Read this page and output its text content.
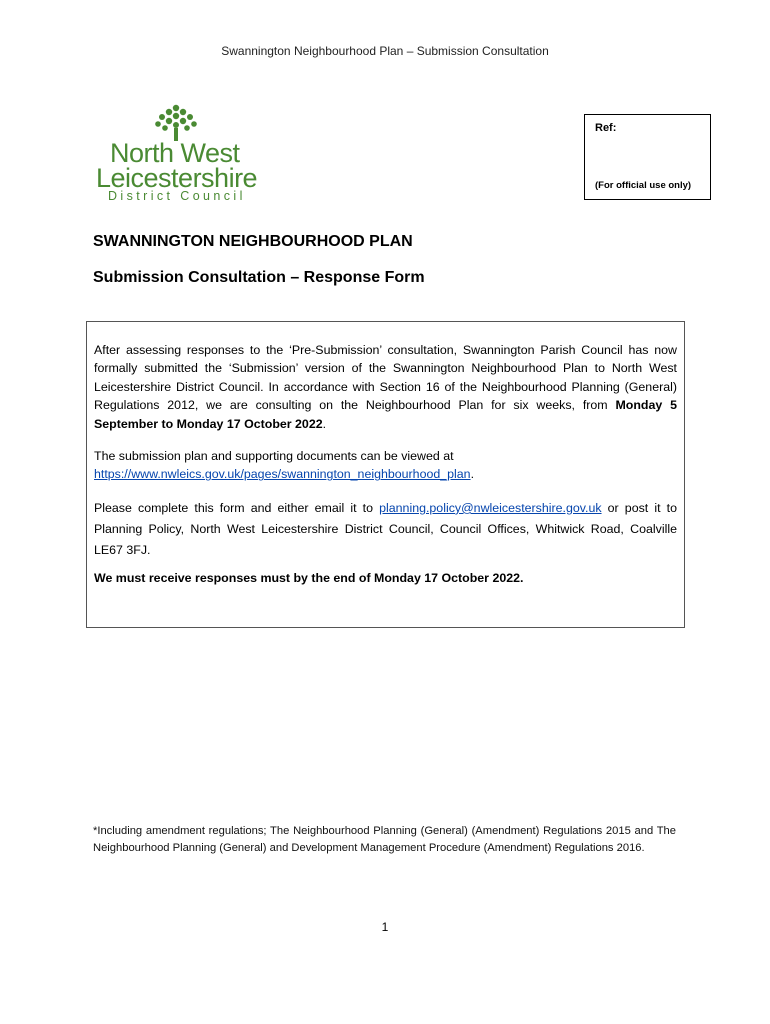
Swannington Neighbourhood Plan – Submission Consultation
North West
Leicestershire
District Council
Ref:
(For official use only)
SWANNINGTON NEIGHBOURHOOD PLAN
Submission Consultation – Response Form

After assessing responses to the ‘Pre-Submission’ consultation, Swannington Parish Council has now formally submitted the ‘Submission’ version of the Swannington Neighbourhood Plan to North West Leicestershire District Council. In accordance with Section 16 of the Neighbourhood Planning (General) Regulations 2012, we are consulting on the Neighbourhood Plan for six weeks, from Monday 5 September to Monday 17 October 2022.

The submission plan and supporting documents can be viewed at
https://www.nwleics.gov.uk/pages/swannington_neighbourhood_plan.

Please complete this form and either email it to planning.policy@nwleicestershire.gov.uk or post it to Planning Policy, North West Leicestershire District Council, Council Offices, Whitwick Road, Coalville LE67 3FJ.

We must receive responses must by the end of Monday 17 October 2022.

*Including amendment regulations; The Neighbourhood Planning (General) (Amendment) Regulations 2015 and The Neighbourhood Planning (General) and Development Management Procedure (Amendment) Regulations 2016.
1
